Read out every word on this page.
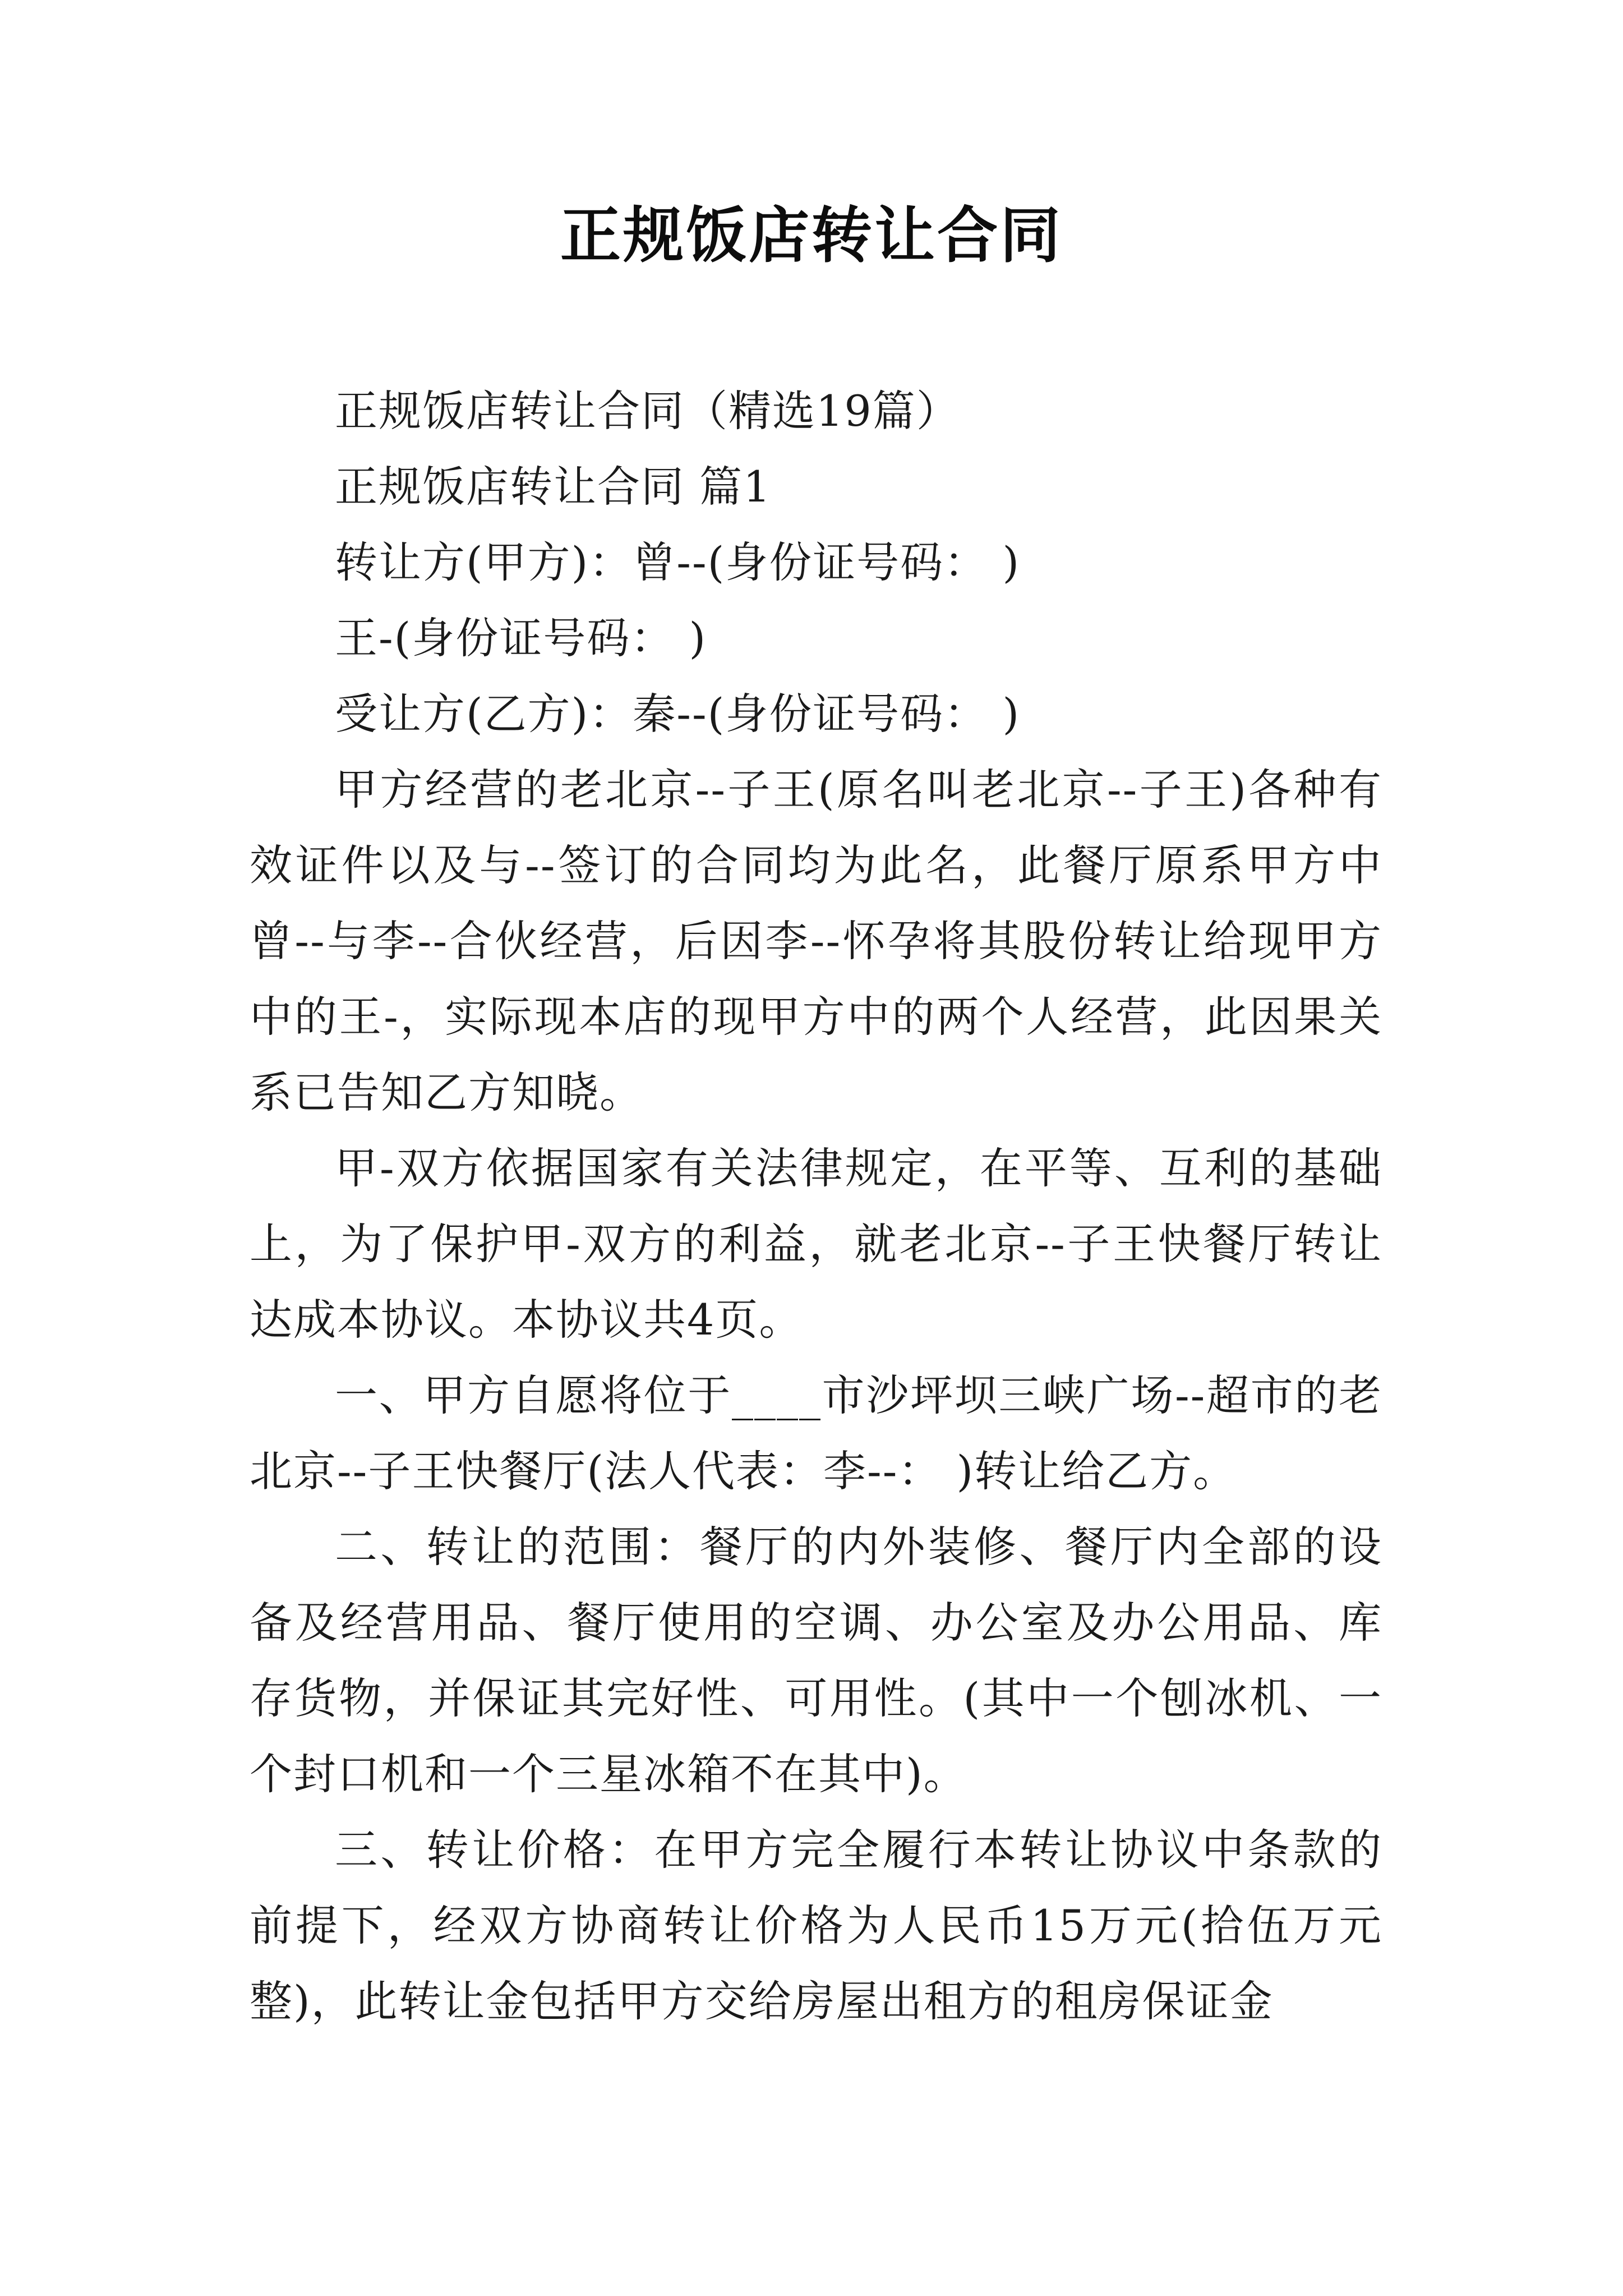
正规饭店转让合同

正规饭店转让合同（精选19篇）

正规饭店转让合同 篇1

转让方(甲方)：曾--(身份证号码： )

王-(身份证号码： )

受让方(乙方)：秦--(身份证号码： )

甲方经营的老北京--子王(原名叫老北京--子王)各种有效证件以及与--签订的合同均为此名，此餐厅原系甲方中曾--与李--合伙经营，后因李--怀孕将其股份转让给现甲方中的王-，实际现本店的现甲方中的两个人经营，此因果关系已告知乙方知晓。

甲-双方依据国家有关法律规定，在平等、互利的基础上，为了保护甲-双方的利益，就老北京--子王快餐厅转让达成本协议。本协议共4页。

一、甲方自愿将位于____市沙坪坝三峡广场--超市的老北京--子王快餐厅(法人代表：李--： )转让给乙方。

二、转让的范围：餐厅的内外装修、餐厅内全部的设备及经营用品、餐厅使用的空调、办公室及办公用品、库存货物，并保证其完好性、可用性。(其中一个刨冰机、一个封口机和一个三星冰箱不在其中)。

三、转让价格：在甲方完全履行本转让协议中条款的前提下，经双方协商转让价格为人民币15万元(拾伍万元整)，此转让金包括甲方交给房屋出租方的租房保证金
